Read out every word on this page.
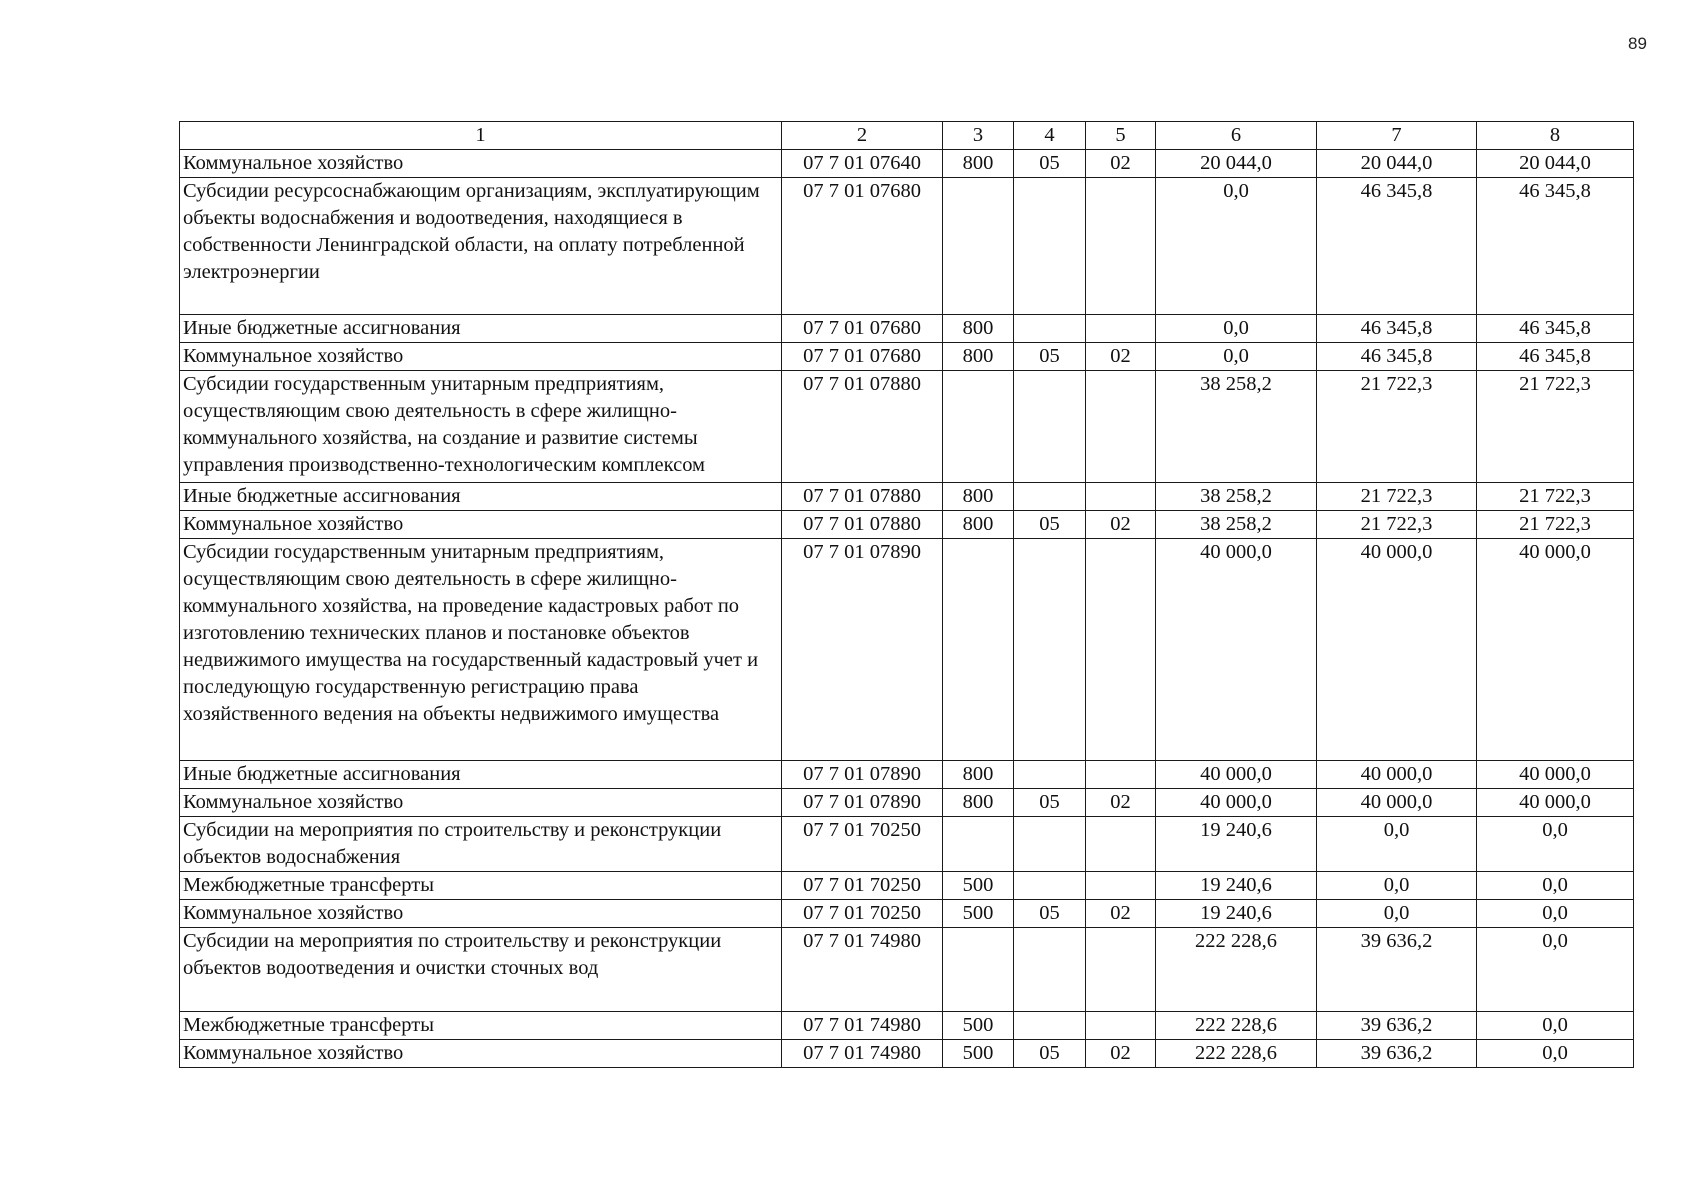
89
1	2	3	4	5	6	7	8
Коммунальное хозяйство	07 7 01 07640	800	05	02	20 044,0	20 044,0	20 044,0
Субсидии ресурсоснабжающим организациям, эксплуатирующим объекты водоснабжения и водоотведения, находящиеся в собственности Ленинградской области, на оплату потребленной электроэнергии	07 7 01 07680				0,0	46 345,8	46 345,8
Иные бюджетные ассигнования	07 7 01 07680	800			0,0	46 345,8	46 345,8
Коммунальное хозяйство	07 7 01 07680	800	05	02	0,0	46 345,8	46 345,8
Субсидии государственным унитарным предприятиям, осуществляющим свою деятельность в сфере жилищно-коммунального хозяйства, на создание и развитие системы управления производственно-технологическим комплексом	07 7 01 07880				38 258,2	21 722,3	21 722,3
Иные бюджетные ассигнования	07 7 01 07880	800			38 258,2	21 722,3	21 722,3
Коммунальное хозяйство	07 7 01 07880	800	05	02	38 258,2	21 722,3	21 722,3
Субсидии государственным унитарным предприятиям, осуществляющим свою деятельность в сфере жилищно-коммунального хозяйства, на проведение кадастровых работ по изготовлению технических планов и постановке объектов недвижимого имущества на государственный кадастровый учет и последующую государственную регистрацию права хозяйственного ведения на объекты недвижимого имущества	07 7 01 07890				40 000,0	40 000,0	40 000,0
Иные бюджетные ассигнования	07 7 01 07890	800			40 000,0	40 000,0	40 000,0
Коммунальное хозяйство	07 7 01 07890	800	05	02	40 000,0	40 000,0	40 000,0
Субсидии на мероприятия по строительству и реконструкции объектов водоснабжения	07 7 01 70250				19 240,6	0,0	0,0
Межбюджетные трансферты	07 7 01 70250	500			19 240,6	0,0	0,0
Коммунальное хозяйство	07 7 01 70250	500	05	02	19 240,6	0,0	0,0
Субсидии на мероприятия по строительству и реконструкции объектов водоотведения и очистки сточных вод	07 7 01 74980				222 228,6	39 636,2	0,0
Межбюджетные трансферты	07 7 01 74980	500			222 228,6	39 636,2	0,0
Коммунальное хозяйство	07 7 01 74980	500	05	02	222 228,6	39 636,2	0,0
